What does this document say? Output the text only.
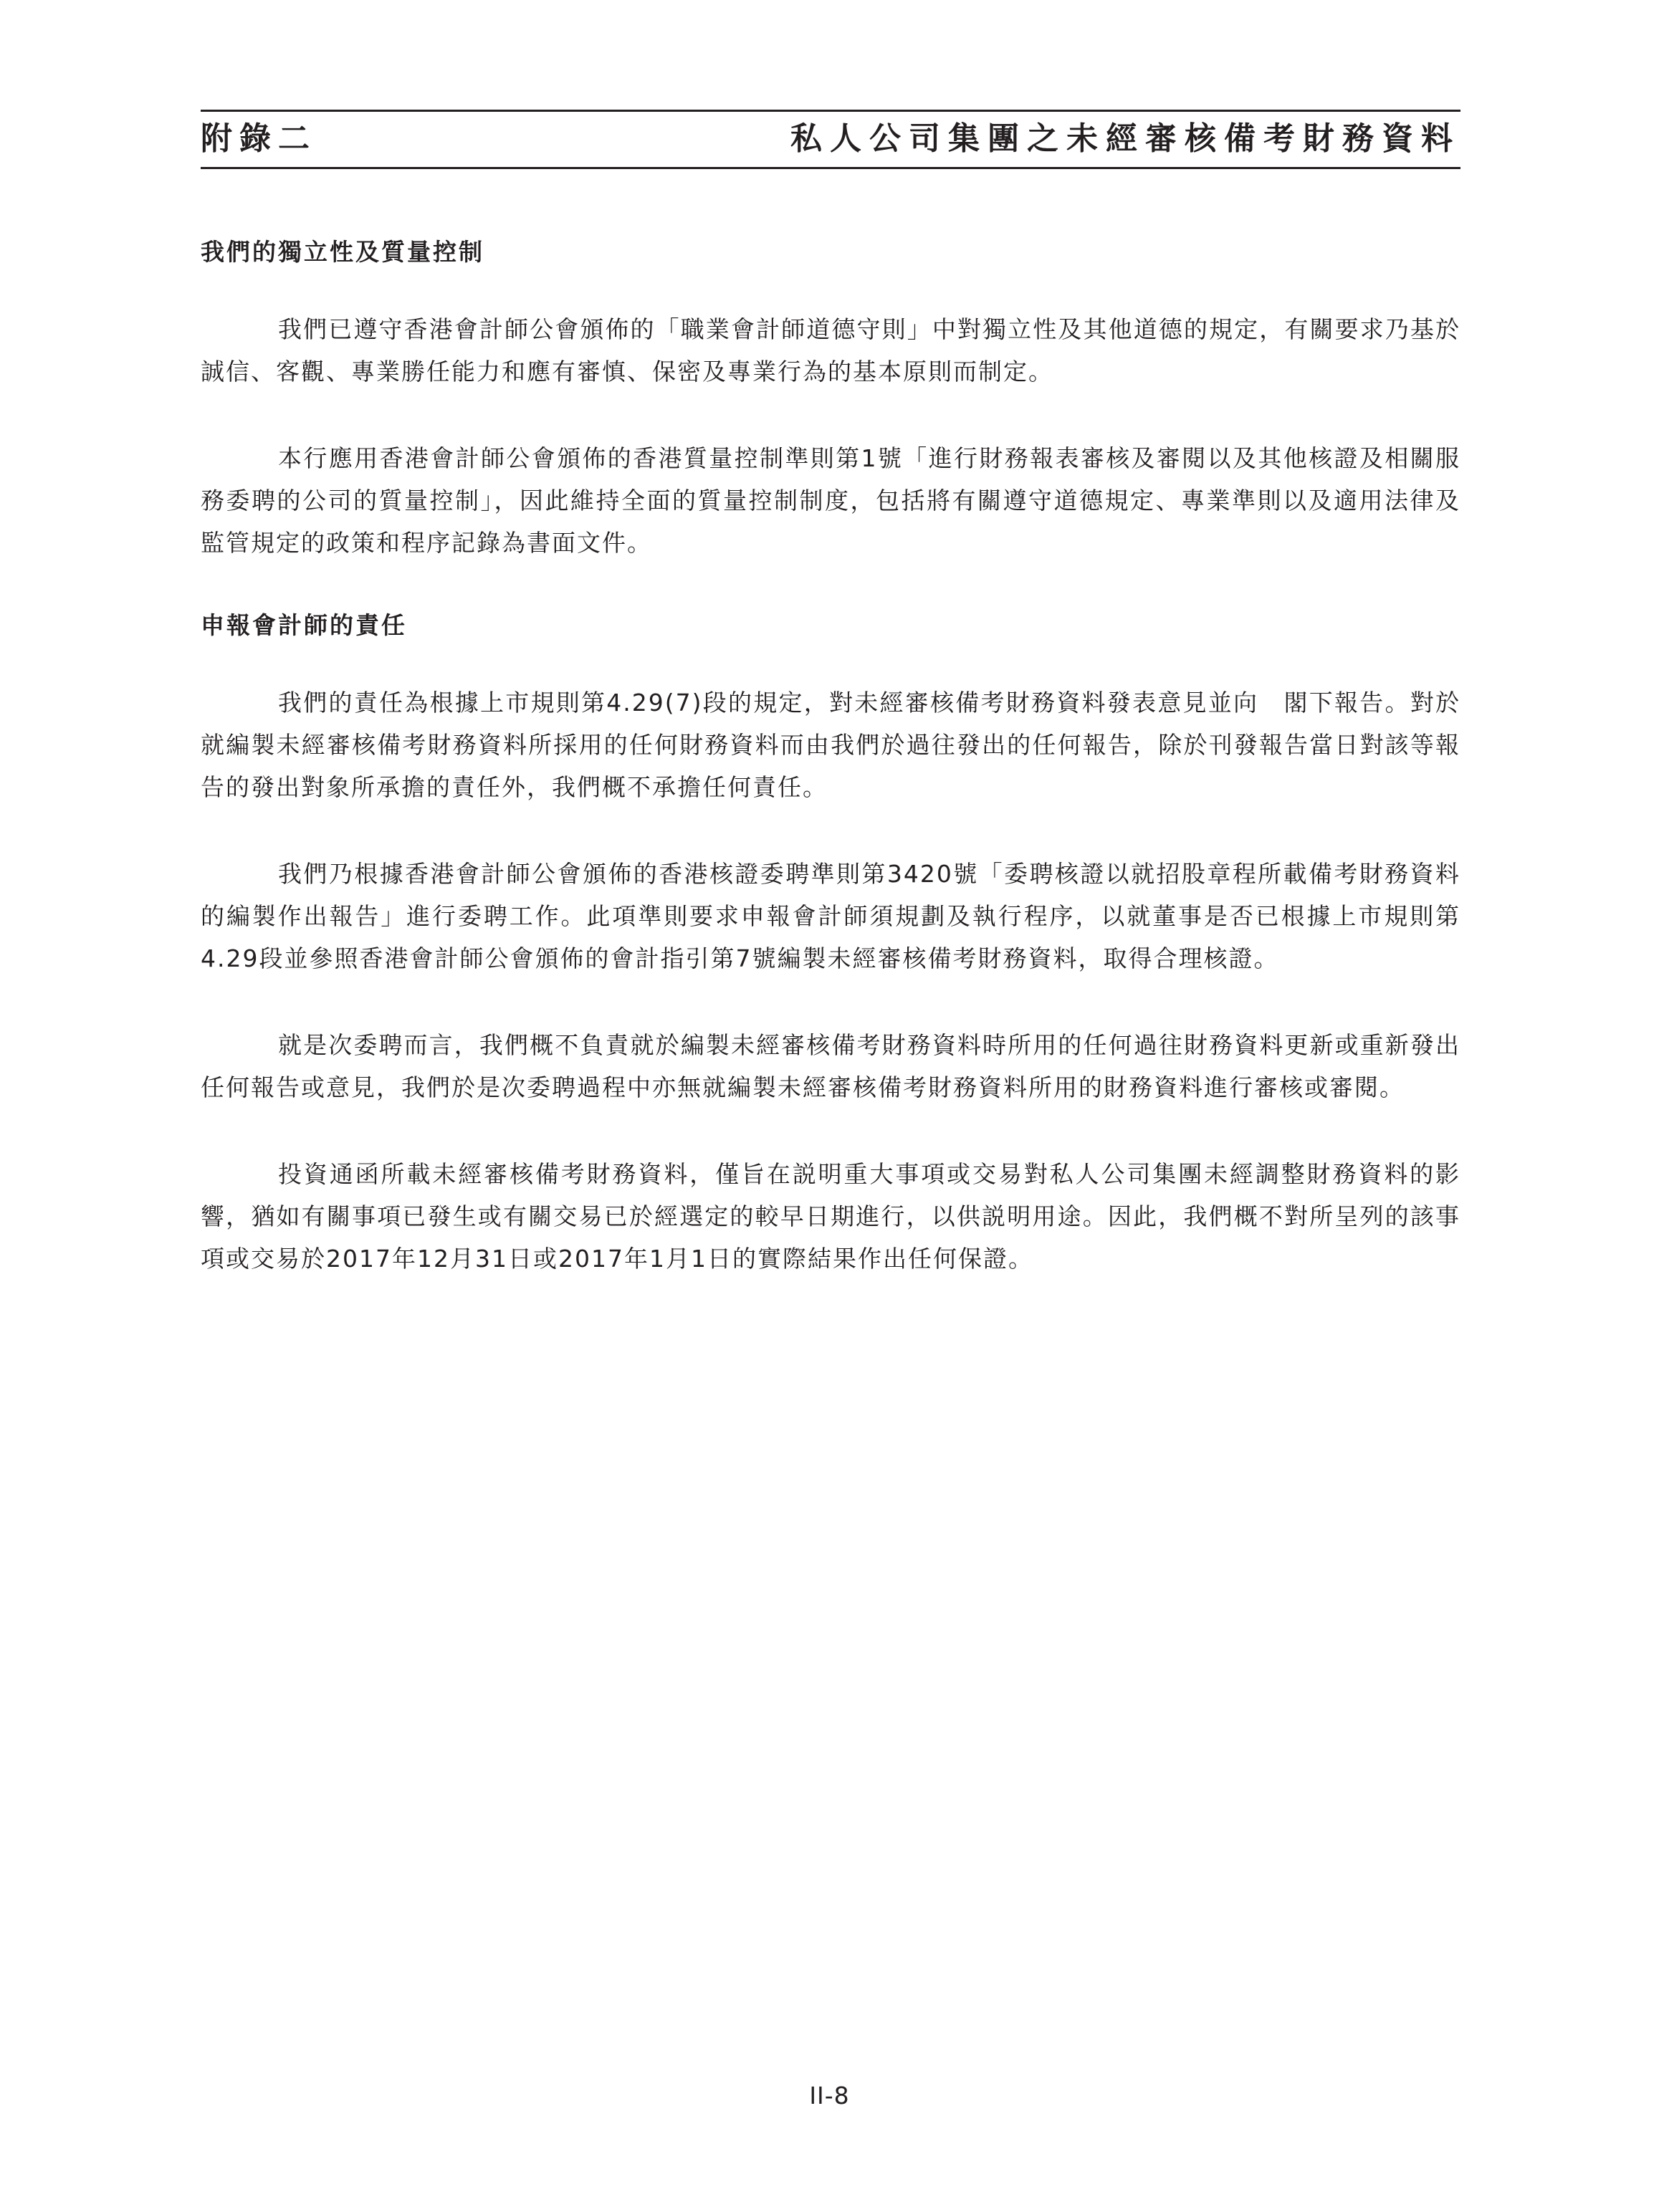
附錄二	私人公司集團之未經審核備考財務資料
我們的獨立性及質量控制

我們已遵守香港會計師公會頒佈的「職業會計師道德守則」中對獨立性及其他道德的規定，有關要求乃基於誠信、客觀、專業勝任能力和應有審慎、保密及專業行為的基本原則而制定。

本行應用香港會計師公會頒佈的香港質量控制準則第1號「進行財務報表審核及審閱以及其他核證及相關服務委聘的公司的質量控制」，因此維持全面的質量控制制度，包括將有關遵守道德規定、專業準則以及適用法律及監管規定的政策和程序記錄為書面文件。

申報會計師的責任

我們的責任為根據上市規則第4.29(7)段的規定，對未經審核備考財務資料發表意見並向　閣下報告。對於就編製未經審核備考財務資料所採用的任何財務資料而由我們於過往發出的任何報告，除於刊發報告當日對該等報告的發出對象所承擔的責任外，我們概不承擔任何責任。

我們乃根據香港會計師公會頒佈的香港核證委聘準則第3420號「委聘核證以就招股章程所載備考財務資料的編製作出報告」進行委聘工作。此項準則要求申報會計師須規劃及執行程序，以就董事是否已根據上市規則第4.29段並參照香港會計師公會頒佈的會計指引第7號編製未經審核備考財務資料，取得合理核證。

就是次委聘而言，我們概不負責就於編製未經審核備考財務資料時所用的任何過往財務資料更新或重新發出任何報告或意見，我們於是次委聘過程中亦無就編製未經審核備考財務資料所用的財務資料進行審核或審閱。

投資通函所載未經審核備考財務資料，僅旨在説明重大事項或交易對私人公司集團未經調整財務資料的影響，猶如有關事項已發生或有關交易已於經選定的較早日期進行，以供説明用途。因此，我們概不對所呈列的該事項或交易於2017年12月31日或2017年1月1日的實際結果作出任何保證。

II-8
